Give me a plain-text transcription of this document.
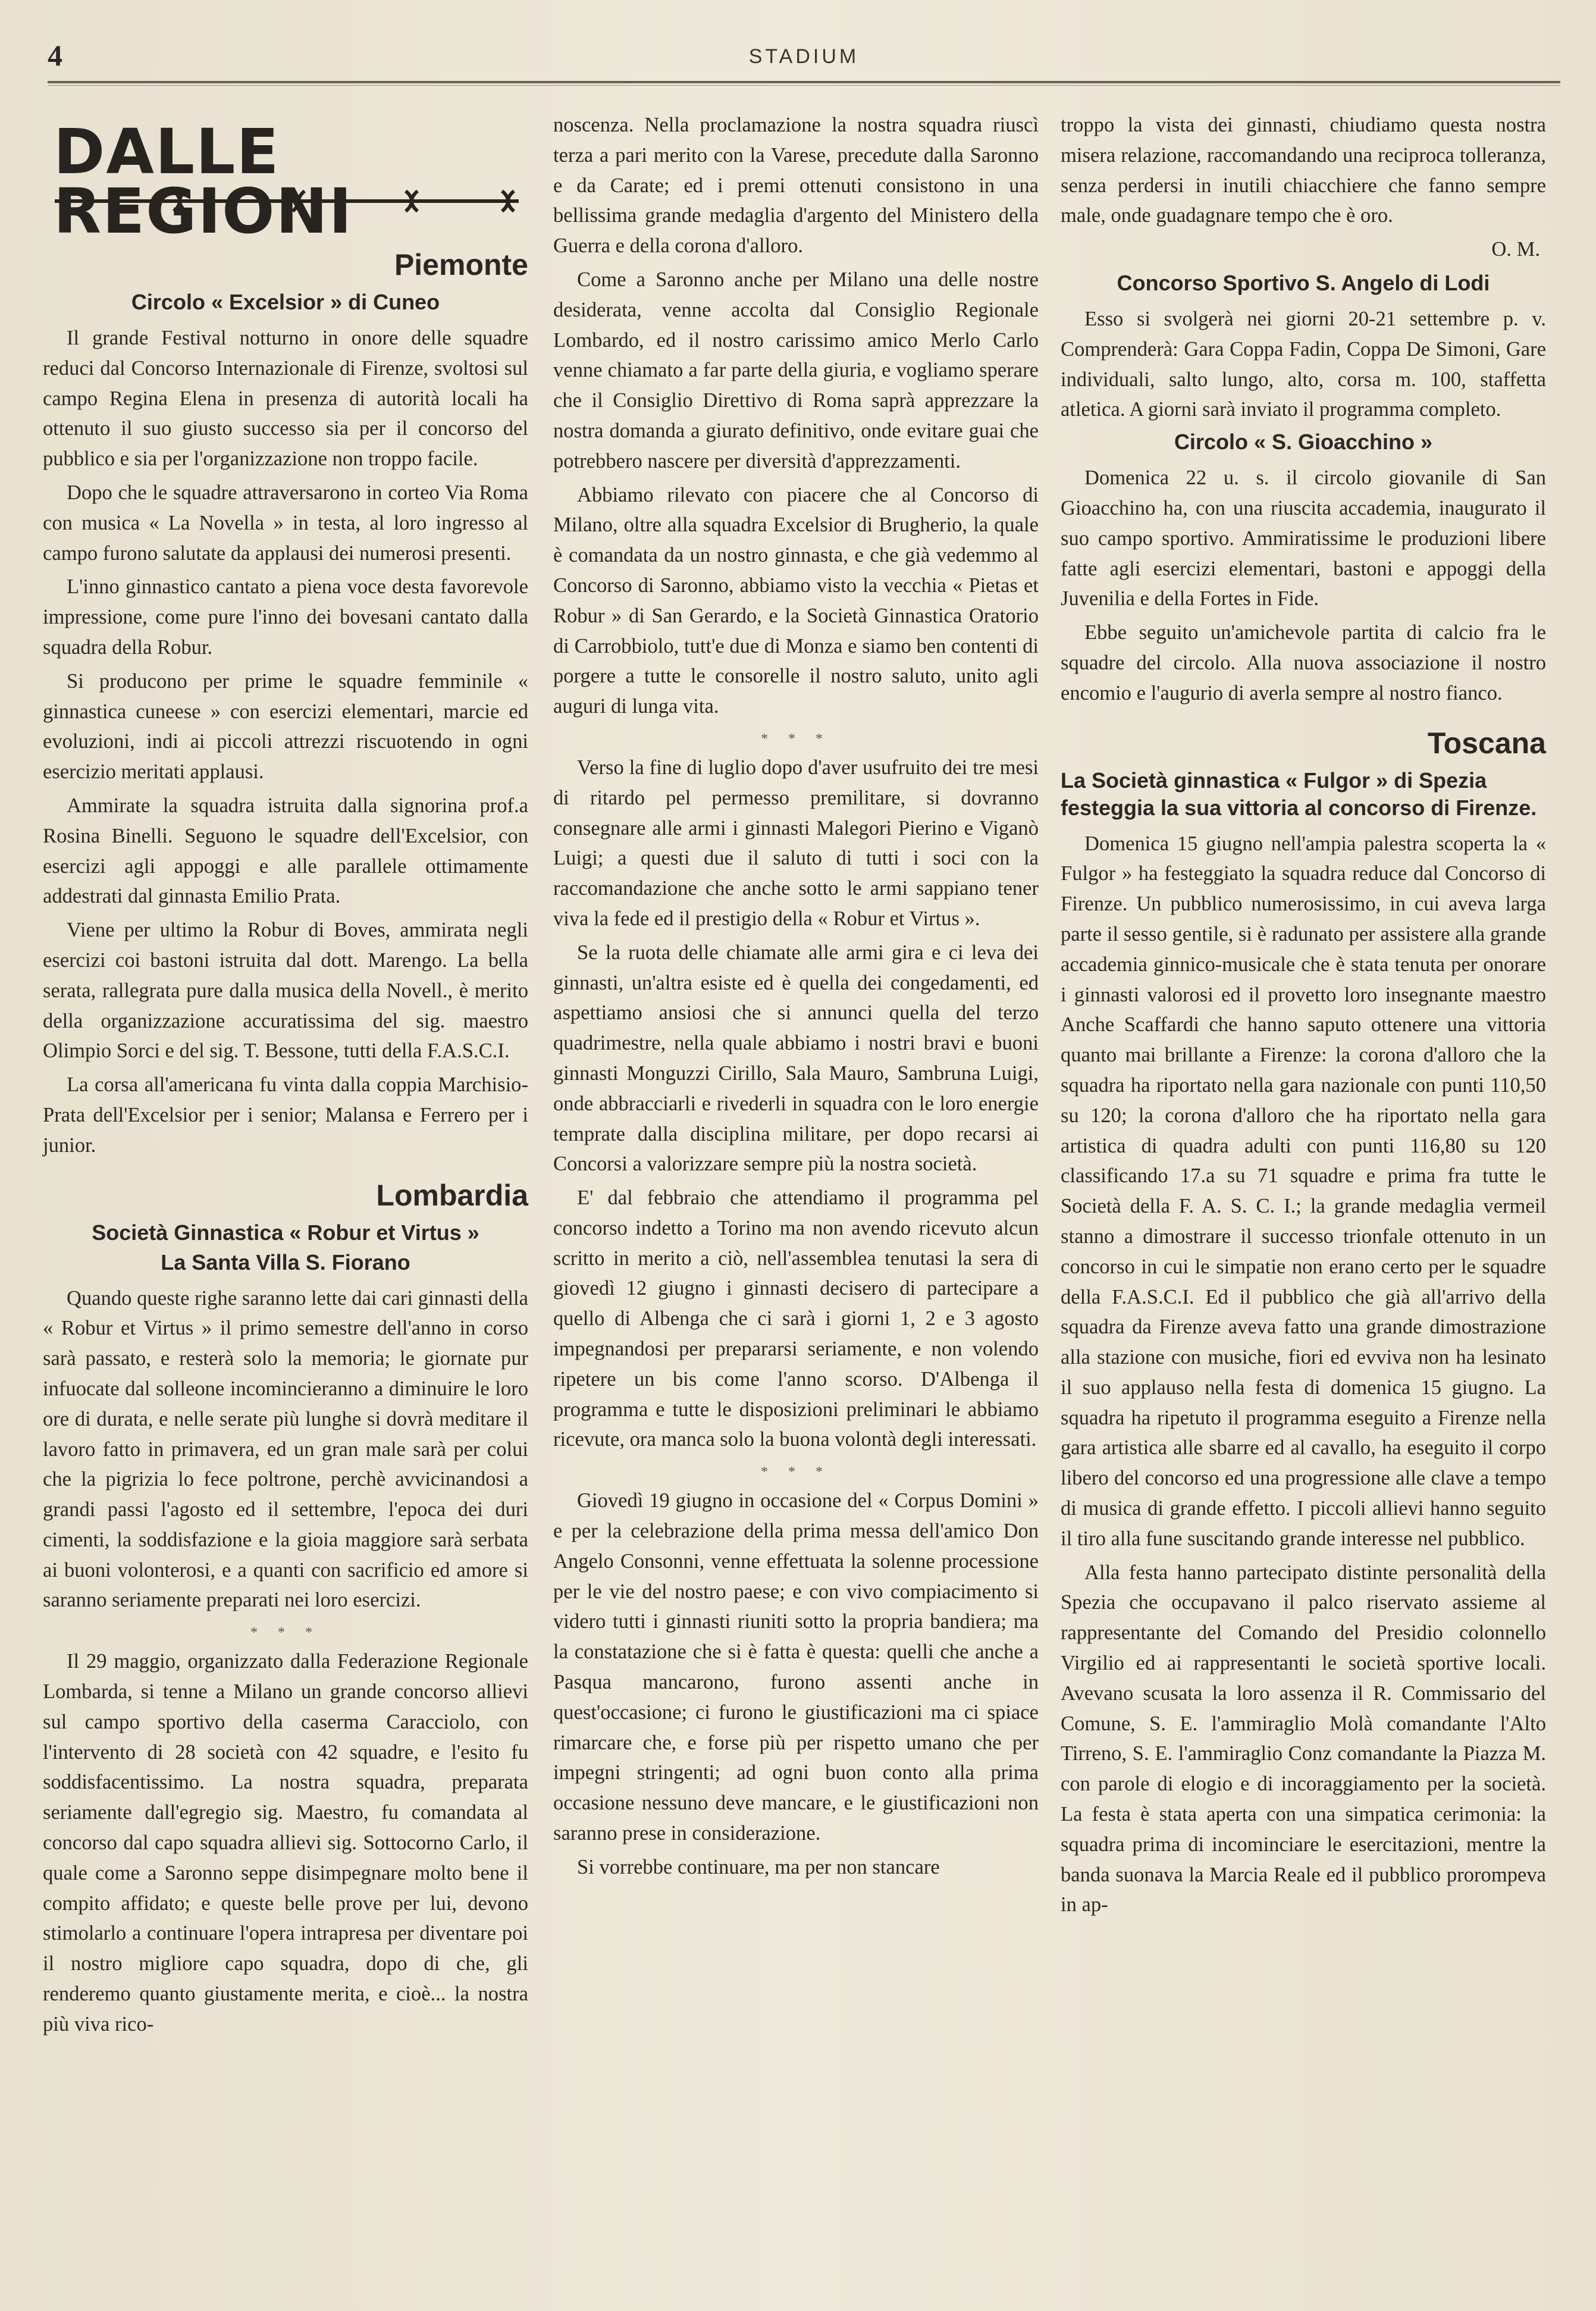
4	STADIUM
DALLE REGIONI
Piemonte
Circolo « Excelsior » di Cuneo

Il grande Festival notturno in onore delle squadre reduci dal Concorso Internazionale di Firenze, svoltosi sul campo Regina Elena in presenza di autorità locali ha ottenuto il suo giusto successo sia per il concorso del pubblico e sia per l'organizzazione non troppo facile.

Dopo che le squadre attraversarono in corteo Via Roma con musica « La Novella » in testa, al loro ingresso al campo furono salutate da applausi dei numerosi presenti.

L'inno ginnastico cantato a piena voce desta favorevole impressione, come pure l'inno dei bovesani cantato dalla squadra della Robur.

Si producono per prime le squadre femminile « ginnastica cuneese » con esercizi elementari, marcie ed evoluzioni, indi ai piccoli attrezzi riscuotendo in ogni esercizio meritati applausi.

Ammirate la squadra istruita dalla signorina prof.a Rosina Binelli. Seguono le squadre dell'Excelsior, con esercizi agli appoggi e alle parallele ottimamente addestrati dal ginnasta Emilio Prata.

Viene per ultimo la Robur di Boves, ammirata negli esercizi coi bastoni istruita dal dott. Marengo. La bella serata, rallegrata pure dalla musica della Novell., è merito della organizzazione accuratissima del sig. maestro Olimpio Sorci e del sig. T. Bessone, tutti della F.A.S.C.I.

La corsa all'americana fu vinta dalla coppia Marchisio-Prata dell'Excelsior per i senior; Malansa e Ferrero per i junior.

Lombardia
Società Ginnastica « Robur et Virtus »
La Santa Villa S. Fiorano

Quando queste righe saranno lette dai cari ginnasti della « Robur et Virtus » il primo semestre dell'anno in corso sarà passato, e resterà solo la memoria; le giornate pur infuocate dal solleone incomincieranno a diminuire le loro ore di durata, e nelle serate più lunghe si dovrà meditare il lavoro fatto in primavera, ed un gran male sarà per colui che la pigrizia lo fece poltrone, perchè avvicinandosi a grandi passi l'agosto ed il settembre, l'epoca dei duri cimenti, la soddisfazione e la gioia maggiore sarà serbata ai buoni volonterosi, e a quanti con sacrificio ed amore si saranno seriamente preparati nei loro esercizi.

* * *

Il 29 maggio, organizzato dalla Federazione Regionale Lombarda, si tenne a Milano un grande concorso allievi sul campo sportivo della caserma Caracciolo, con l'intervento di 28 società con 42 squadre, e l'esito fu soddisfacentissimo. La nostra squadra, preparata seriamente dall'egregio sig. Maestro, fu comandata al concorso dal capo squadra allievi sig. Sottocorno Carlo, il quale come a Saronno seppe disimpegnare molto bene il compito affidato; e queste belle prove per lui, devono stimolarlo a continuare l'opera intrapresa per diventare poi il nostro migliore capo squadra, dopo di che, gli renderemo quanto giustamente merita, e cioè... la nostra più viva rico-

noscenza. Nella proclamazione la nostra squadra riuscì terza a pari merito con la Varese, precedute dalla Saronno e da Carate; ed i premi ottenuti consistono in una bellissima grande medaglia d'argento del Ministero della Guerra e della corona d'alloro.

Come a Saronno anche per Milano una delle nostre desiderata, venne accolta dal Consiglio Regionale Lombardo, ed il nostro carissimo amico Merlo Carlo venne chiamato a far parte della giuria, e vogliamo sperare che il Consiglio Direttivo di Roma saprà apprezzare la nostra domanda a giurato definitivo, onde evitare guai che potrebbero nascere per diversità d'apprezzamenti.

Abbiamo rilevato con piacere che al Concorso di Milano, oltre alla squadra Excelsior di Brugherio, la quale è comandata da un nostro ginnasta, e che già vedemmo al Concorso di Saronno, abbiamo visto la vecchia « Pietas et Robur » di San Gerardo, e la Società Ginnastica Oratorio di Carrobbiolo, tutt'e due di Monza e siamo ben contenti di porgere a tutte le consorelle il nostro saluto, unito agli auguri di lunga vita.

* * *

Verso la fine di luglio dopo d'aver usufruito dei tre mesi di ritardo pel permesso premilitare, si dovranno consegnare alle armi i ginnasti Malegori Pierino e Viganò Luigi; a questi due il saluto di tutti i soci con la raccomandazione che anche sotto le armi sappiano tener viva la fede ed il prestigio della « Robur et Virtus ».

Se la ruota delle chiamate alle armi gira e ci leva dei ginnasti, un'altra esiste ed è quella dei congedamenti, ed aspettiamo ansiosi che si annunci quella del terzo quadrimestre, nella quale abbiamo i nostri bravi e buoni ginnasti Monguzzi Cirillo, Sala Mauro, Sambruna Luigi, onde abbracciarli e rivederli in squadra con le loro energie temprate dalla disciplina militare, per dopo recarsi ai Concorsi a valorizzare sempre più la nostra società.

E' dal febbraio che attendiamo il programma pel concorso indetto a Torino ma non avendo ricevuto alcun scritto in merito a ciò, nell'assemblea tenutasi la sera di giovedì 12 giugno i ginnasti decisero di partecipare a quello di Albenga che ci sarà i giorni 1, 2 e 3 agosto impegnandosi per prepararsi seriamente, e non volendo ripetere un bis come l'anno scorso. D'Albenga il programma e tutte le disposizioni preliminari le abbiamo ricevute, ora manca solo la buona volontà degli interessati.

* * *

Giovedì 19 giugno in occasione del « Corpus Domini » e per la celebrazione della prima messa dell'amico Don Angelo Consonni, venne effettuata la solenne processione per le vie del nostro paese; e con vivo compiacimento si videro tutti i ginnasti riuniti sotto la propria bandiera; ma la constatazione che si è fatta è questa: quelli che anche a Pasqua mancarono, furono assenti anche in quest'occasione; ci furono le giustificazioni ma ci spiace rimarcare che, e forse più per rispetto umano che per impegni stringenti; ad ogni buon conto alla prima occasione nessuno deve mancare, e le giustificazioni non saranno prese in considerazione.

Si vorrebbe continuare, ma per non stancare

troppo la vista dei ginnasti, chiudiamo questa nostra misera relazione, raccomandando una reciproca tolleranza, senza perdersi in inutili chiacchiere che fanno sempre male, onde guadagnare tempo che è oro.

O. M.

Concorso Sportivo S. Angelo di Lodi

Esso si svolgerà nei giorni 20-21 settembre p. v. Comprenderà: Gara Coppa Fadin, Coppa De Simoni, Gare individuali, salto lungo, alto, corsa m. 100, staffetta atletica. A giorni sarà inviato il programma completo.

Circolo « S. Gioacchino »

Domenica 22 u. s. il circolo giovanile di San Gioacchino ha, con una riuscita accademia, inaugurato il suo campo sportivo. Ammiratissime le produzioni libere fatte agli esercizi elementari, bastoni e appoggi della Juvenilia e della Fortes in Fide.

Ebbe seguito un'amichevole partita di calcio fra le squadre del circolo. Alla nuova associazione il nostro encomio e l'augurio di averla sempre al nostro fianco.

Toscana
La Società ginnastica « Fulgor » di Spezia festeggia la sua vittoria al concorso di Firenze.

Domenica 15 giugno nell'ampia palestra scoperta la « Fulgor » ha festeggiato la squadra reduce dal Concorso di Firenze. Un pubblico numerosissimo, in cui aveva larga parte il sesso gentile, si è radunato per assistere alla grande accademia ginnico-musicale che è stata tenuta per onorare i ginnasti valorosi ed il provetto loro insegnante maestro Anche Scaffardi che hanno saputo ottenere una vittoria quanto mai brillante a Firenze: la corona d'alloro che la squadra ha riportato nella gara nazionale con punti 110,50 su 120; la corona d'alloro che ha riportato nella gara artistica di quadra adulti con punti 116,80 su 120 classificando 17.a su 71 squadre e prima fra tutte le Società della F. A. S. C. I.; la grande medaglia vermeil stanno a dimostrare il successo trionfale ottenuto in un concorso in cui le simpatie non erano certo per le squadre della F.A.S.C.I. Ed il pubblico che già all'arrivo della squadra da Firenze aveva fatto una grande dimostrazione alla stazione con musiche, fiori ed evviva non ha lesinato il suo applauso nella festa di domenica 15 giugno. La squadra ha ripetuto il programma eseguito a Firenze nella gara artistica alle sbarre ed al cavallo, ha eseguito il corpo libero del concorso ed una progressione alle clave a tempo di musica di grande effetto. I piccoli allievi hanno seguito il tiro alla fune suscitando grande interesse nel pubblico.

Alla festa hanno partecipato distinte personalità della Spezia che occupavano il palco riservato assieme al rappresentante del Comando del Presidio colonnello Virgilio ed ai rappresentanti le società sportive locali. Avevano scusata la loro assenza il R. Commissario del Comune, S. E. l'ammiraglio Molà comandante l'Alto Tirreno, S. E. l'ammiraglio Conz comandante la Piazza M. con parole di elogio e di incoraggiamento per la società. La festa è stata aperta con una simpatica cerimonia: la squadra prima di incominciare le esercitazioni, mentre la banda suonava la Marcia Reale ed il pubblico prorompeva in ap-
